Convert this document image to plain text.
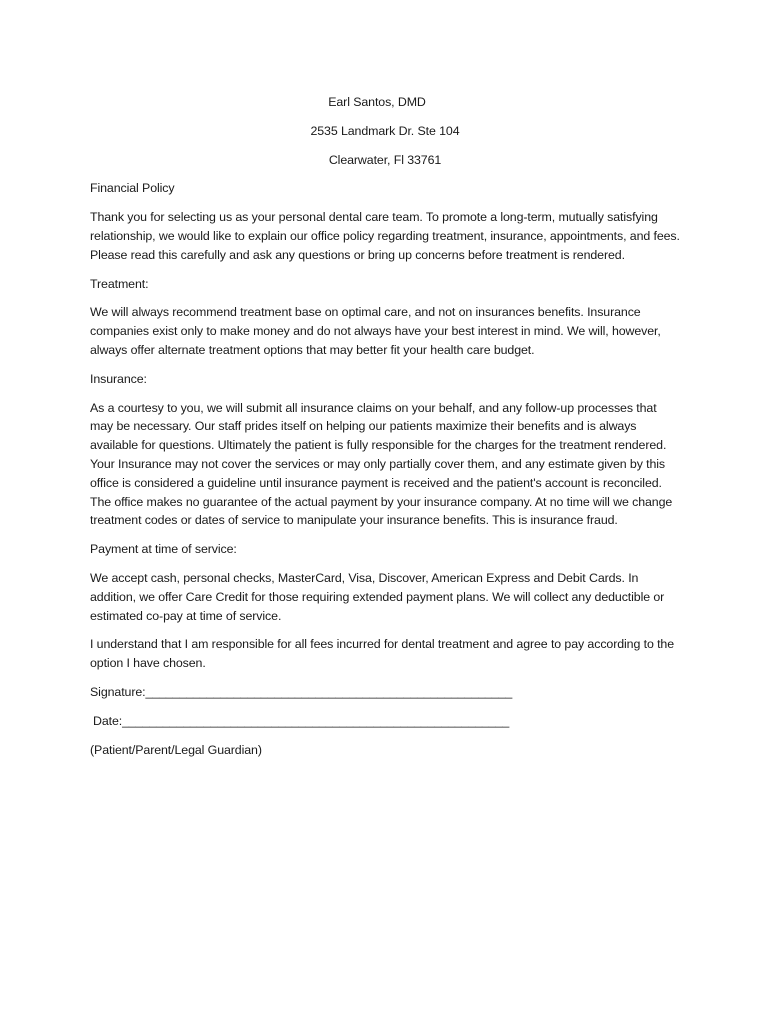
Earl Santos, DMD
2535 Landmark Dr. Ste 104
Clearwater, Fl 33761

Financial Policy

Thank you for selecting us as your personal dental care team. To promote a long-term, mutually satisfying relationship, we would like to explain our office policy regarding treatment, insurance, appointments, and fees. Please read this carefully and ask any questions or bring up concerns before treatment is rendered.

Treatment:

We will always recommend treatment base on optimal care, and not on insurances benefits. Insurance companies exist only to make money and do not always have your best interest in mind. We will, however, always offer alternate treatment options that may better fit your health care budget.

Insurance:

As a courtesy to you, we will submit all insurance claims on your behalf, and any follow-up processes that may be necessary. Our staff prides itself on helping our patients maximize their benefits and is always available for questions. Ultimately the patient is fully responsible for the charges for the treatment rendered. Your Insurance may not cover the services or may only partially cover them, and any estimate given by this office is considered a guideline until insurance payment is received and the patient's account is reconciled. The office makes no guarantee of the actual payment by your insurance company. At no time will we change treatment codes or dates of service to manipulate your insurance benefits. This is insurance fraud.

Payment at time of service:

We accept cash, personal checks, MasterCard, Visa, Discover, American Express and Debit Cards. In addition, we offer Care Credit for those requiring extended payment plans. We will collect any deductible or estimated co-pay at time of service.

I understand that I am responsible for all fees incurred for dental treatment and agree to pay according to the option I have chosen.

Signature:______________________________________________________
Date:_________________________________________________________
(Patient/Parent/Legal Guardian)
